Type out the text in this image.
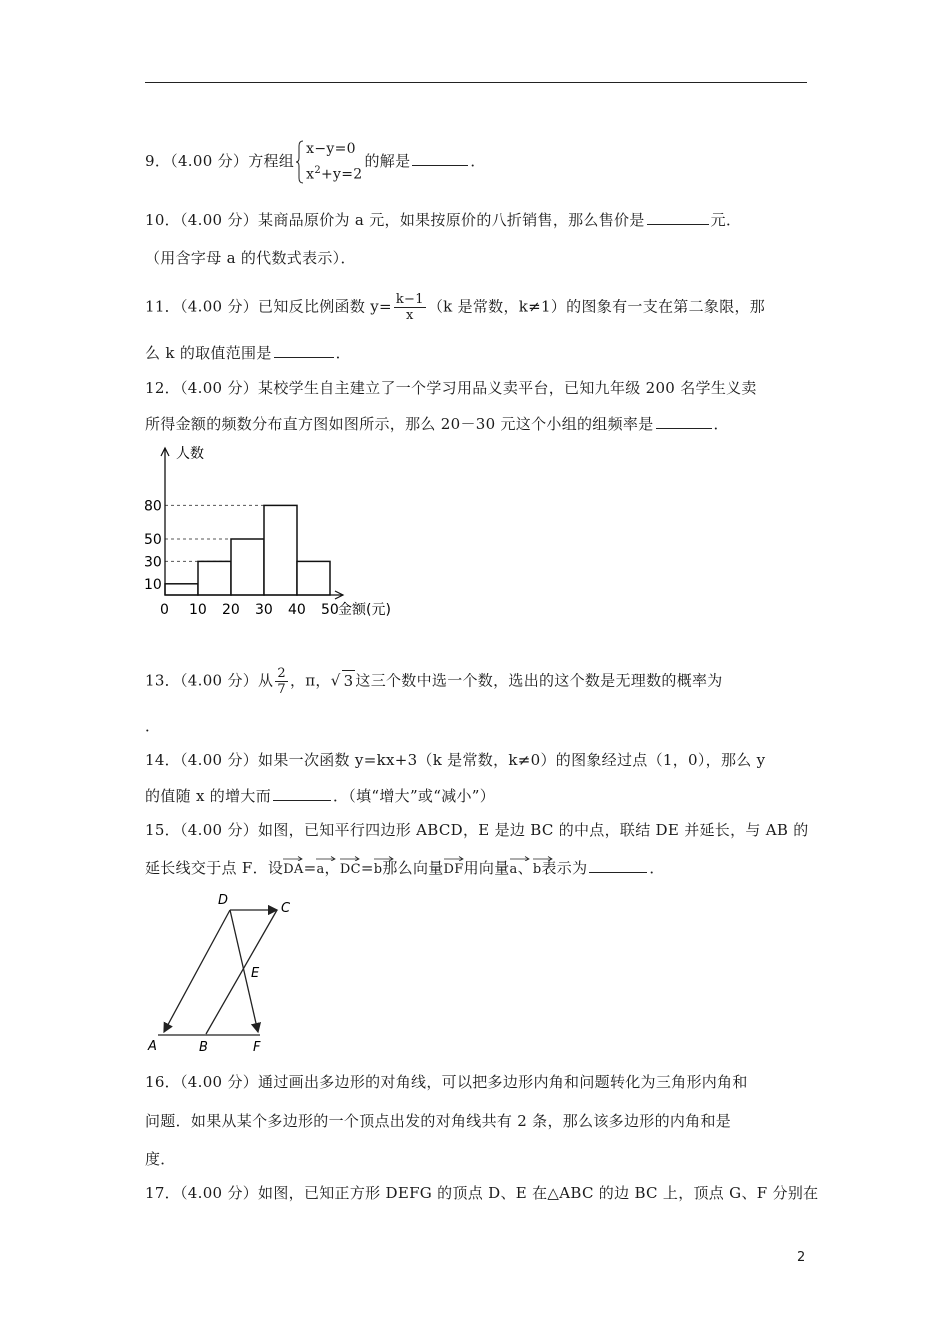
9．（4.00 分）方程组
x−y=0
$x^2+y=2$
的解是	．
10．（4.00 分）某商品原价为 a 元，如果按原价的八折销售，那么售价是	元．
（用含字母 a 的代数式表示）．
11．（4.00 分）已知反比例函数 $y= \frac{k-1}{x} (k$ 是常数，k≠1）的图象有一支在第二象限，那
么 k 的取值范围是	．
12．（4.00 分）某校学生自主建立了一个学习用品义卖平台，已知九年级 200 名学生义卖
所得金额的频数分布直方图如图所示，那么 20－30 元这个小组的组频率是	．
10
30
50
80
0 10 20 30 40 50
人数
金额(元)
13．（4.00 分）从 $\frac{2}{7}$ ，π，√ 3 这三个数中选一个数，选出的这个数是无理数的概率为
．
14．（4.00 分）如果一次函数 y=kx+3（k 是常数，k≠0）的图象经过点（1，0），那么 y
的值随 x 的增大而	．（填“增大”或“减小”）
15．（4.00 分）如图，已知平行四边形 ABCD，E 是边 BC 的中点，联结 DE 并延长，与 AB 的
延长线交于点 F．设
DA=
a，
DC=
b那么向量
DF用向量
a、
b表示为	．
D
C
E
A	B	F
16．（4.00 分）通过画出多边形的对角线，可以把多边形内角和问题转化为三角形内角和
问题．如果从某个多边形的一个顶点出发的对角线共有 2 条，那么该多边形的内角和是
度．
17．（4.00 分）如图，已知正方形 DEFG 的顶点 D、E 在△ABC 的边 BC 上，顶点 G、F 分别在
2
